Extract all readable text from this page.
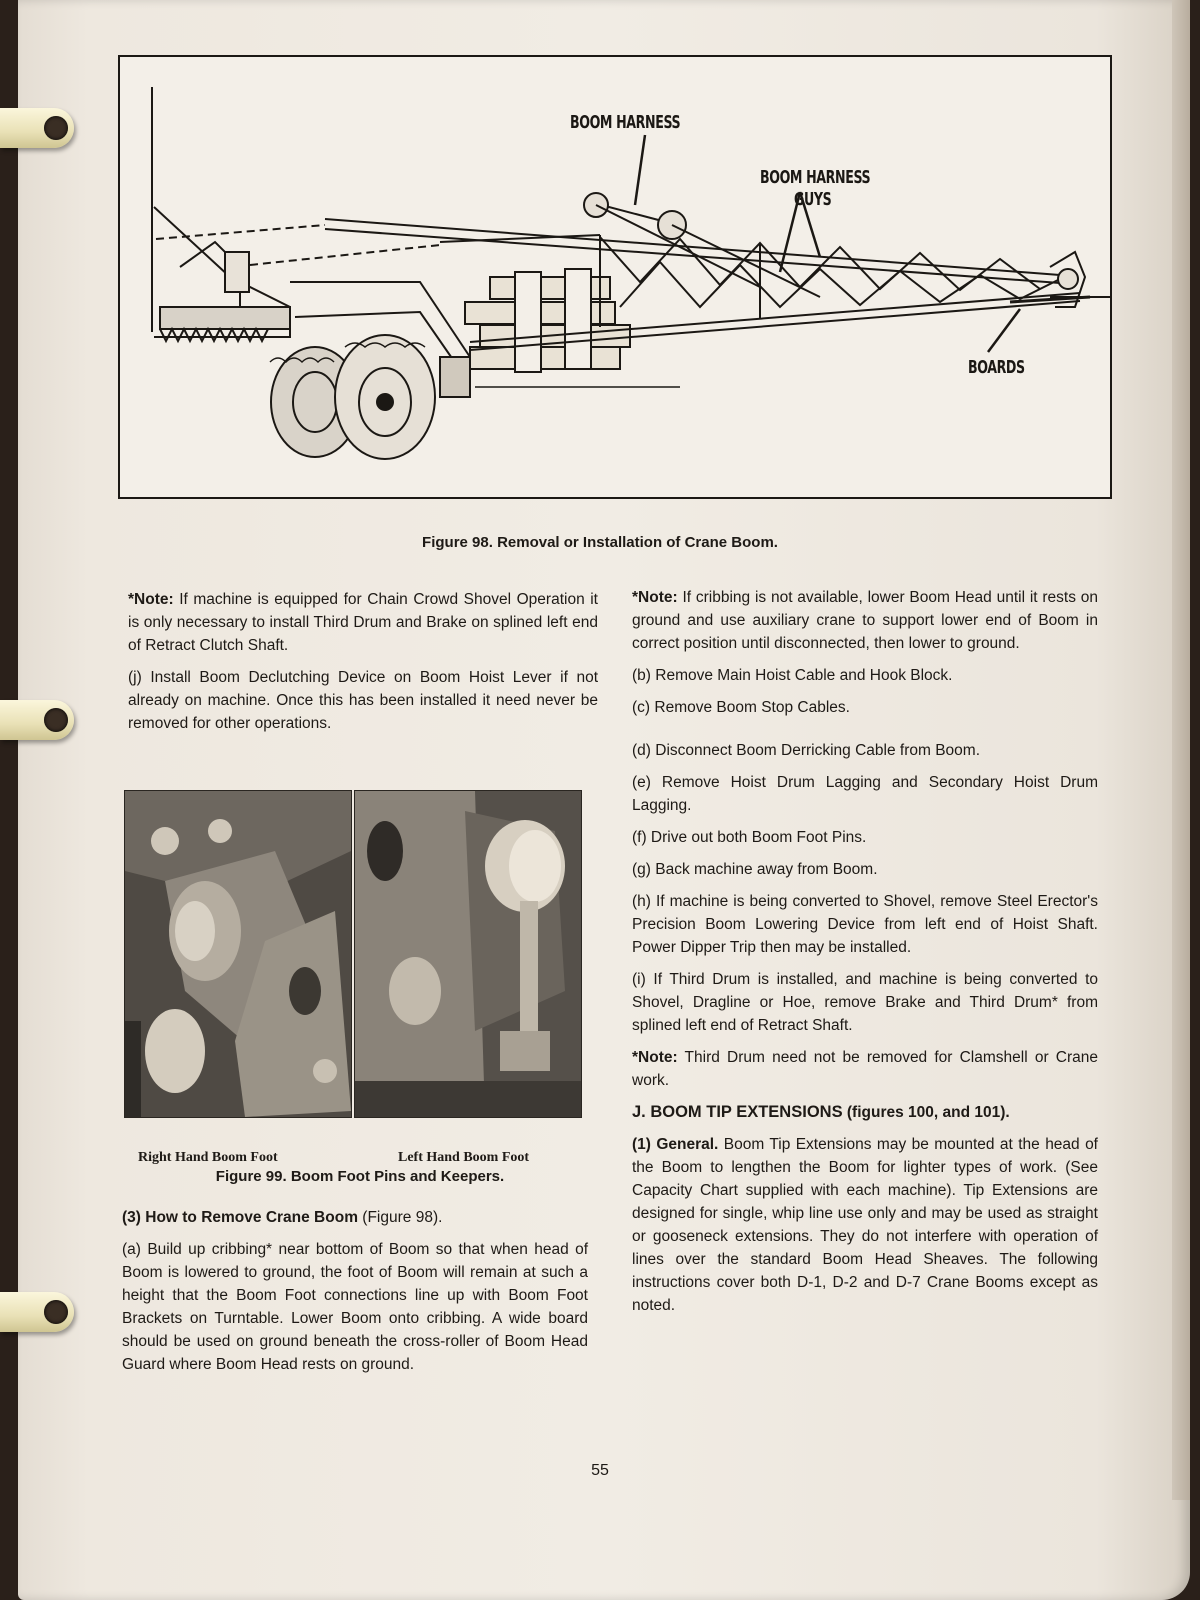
BOOM HARNESS
BOOM HARNESS
GUYS
BOARDS
Figure 98. Removal or Installation of Crane Boom.

*Note: If machine is equipped for Chain Crowd Shovel Operation it is only necessary to install Third Drum and Brake on splined left end of Retract Clutch Shaft.

(j) Install Boom Declutching Device on Boom Hoist Lever if not already on machine. Once this has been installed it need never be removed for other operations.

Right Hand Boom Foot	Left Hand Boom Foot
Figure 99. Boom Foot Pins and Keepers.

(3) How to Remove Crane Boom (Figure 98).

(a) Build up cribbing* near bottom of Boom so that when head of Boom is lowered to ground, the foot of Boom will remain at such a height that the Boom Foot connections line up with Boom Foot Brackets on Turntable. Lower Boom onto cribbing. A wide board should be used on ground beneath the cross-roller of Boom Head Guard where Boom Head rests on ground.

*Note: If cribbing is not available, lower Boom Head until it rests on ground and use auxiliary crane to support lower end of Boom in correct position until disconnected, then lower to ground.

(b) Remove Main Hoist Cable and Hook Block.

(c) Remove Boom Stop Cables.

(d) Disconnect Boom Derricking Cable from Boom.

(e) Remove Hoist Drum Lagging and Secondary Hoist Drum Lagging.

(f) Drive out both Boom Foot Pins.

(g) Back machine away from Boom.

(h) If machine is being converted to Shovel, remove Steel Erector's Precision Boom Lowering Device from left end of Hoist Shaft. Power Dipper Trip then may be installed.

(i) If Third Drum is installed, and machine is being converted to Shovel, Dragline or Hoe, remove Brake and Third Drum* from splined left end of Retract Shaft.

*Note: Third Drum need not be removed for Clamshell or Crane work.

J. BOOM TIP EXTENSIONS (figures 100, and 101).

(1) General. Boom Tip Extensions may be mounted at the head of the Boom to lengthen the Boom for lighter types of work. (See Capacity Chart supplied with each machine). Tip Extensions are designed for single, whip line use only and may be used as straight or gooseneck extensions. They do not interfere with operation of lines over the standard Boom Head Sheaves. The following instructions cover both D-1, D-2 and D-7 Crane Booms except as noted.

55
